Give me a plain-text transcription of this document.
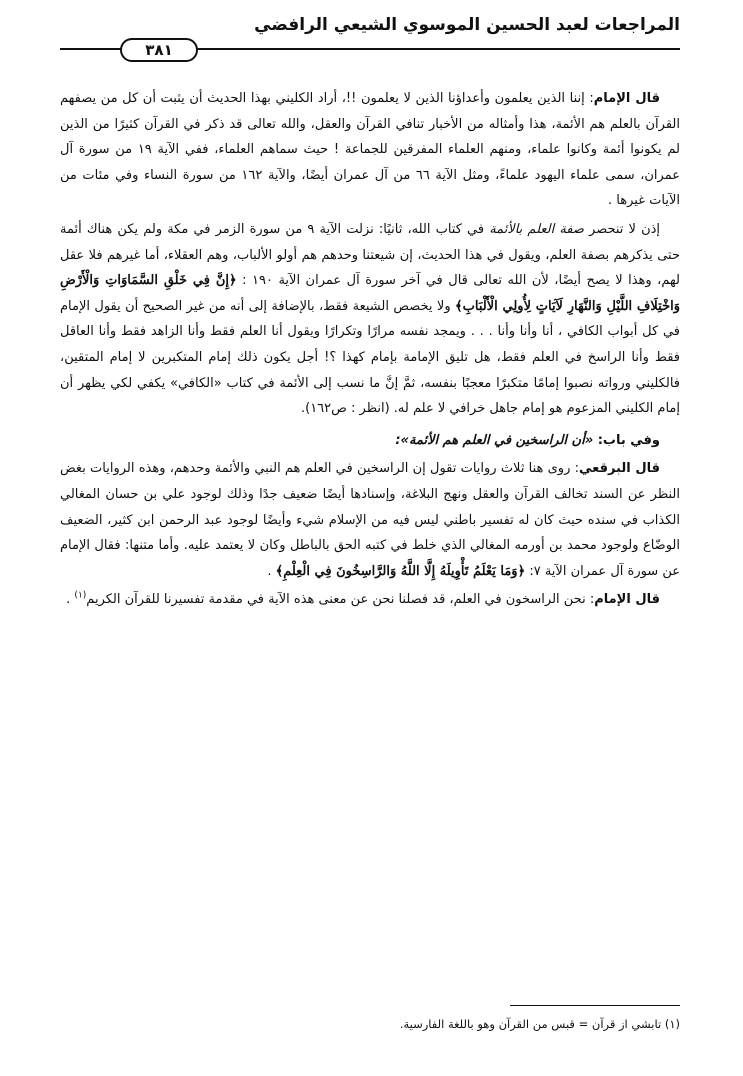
المراجعات لعبد الحسين الموسوي الشيعي الرافضي
٣٨١

قال الإمام: إننا الذين يعلمون وأعداؤنا الذين لا يعلمون !!، أراد الكليني بهذا الحديث أن يثبت أن كل من يصفهم القرآن بالعلم هم الأئمة، هذا وأمثاله من الأخبار تنافي القرآن والعقل، والله تعالى قد ذكر في القرآن كثيرًا من الذين لم يكونوا أئمة وكانوا علماء، ومنهم العلماء المفرقين للجماعة ! حيث سماهم العلماء، ففي الآية ١٩ من سورة آل عمران، سمى علماء اليهود علماءً، ومثل الآية ٦٦ من آل عمران أيضًا، والآية ١٦٢ من سورة النساء وفي مئات من الآيات غيرها .

إذن لا تنحصر صفة العلم بالأئمة في كتاب الله، ثانيًا: نزلت الآية ٩ من سورة الزمر في مكة ولم يكن هناك أئمة حتى يذكرهم بصفة العلم، ويقول في هذا الحديث، إن شيعتنا وحدهم هم أولو الألباب، وهم العقلاء، أما غيرهم فلا عقل لهم، وهذا لا يصح أيضًا، لأن الله تعالى قال في آخر سورة آل عمران الآية ١٩٠ : ﴿إِنَّ فِي خَلْقِ السَّمَاوَاتِ وَالْأَرْضِ وَاخْتِلَافِ اللَّيْلِ وَالنَّهَارِ لَآيَاتٍ لِأُولِي الْأَلْبَابِ﴾ ولا يخصص الشيعة فقط، بالإضافة إلى أنه من غير الصحيح أن يقول الإمام في كل أبواب الكافي ، أنا وأنا وأنا . . . ويمجد نفسه مرارًا وتكرارًا ويقول أنا العلم فقط وأنا الزاهد فقط وأنا العاقل فقط وأنا الراسخ في العلم فقط، هل تليق الإمامة بإمام كهذا ؟! أجل يكون ذلك إمام المتكبرين لا إمام المتقين، فالكليني ورواته نصبوا إمامًا متكبرًا معجبًا بنفسه، ثمَّ إنَّ ما نسب إلى الأئمة في كتاب «الكافي» يكفي لكي يظهر أن إمام الكليني المزعوم هو إمام جاهل خرافي لا علم له. (انظر : ص١٦٢).

وفي باب: «أن الراسخين في العلم هم الأئمة»:

قال البرقعي: روى هنا ثلاث روايات تقول إن الراسخين في العلم هم النبي والأئمة وحدهم، وهذه الروايات بغض النظر عن السند تخالف القرآن والعقل ونهج البلاغة، وإسنادها أيضًا ضعيف جدًا وذلك لوجود علي بن حسان المغالي الكذاب في سنده حيث كان له تفسير باطني ليس فيه من الإسلام شيء وأيضًا لوجود عبد الرحمن ابن كثير، الضعيف الوضّاع ولوجود محمد بن أورمه المغالي الذي خلط في كتبه الحق بالباطل وكان لا يعتمد عليه. وأما متنها: فقال الإمام عن سورة آل عمران الآية ٧: ﴿وَمَا يَعْلَمُ تَأْوِيلَهُ إِلَّا اللَّهُ وَالرَّاسِخُونَ فِي الْعِلْمِ﴾ .

قال الإمام: نحن الراسخون في العلم، قد فصلنا نحن عن معنى هذه الآية في مقدمة تفسيرنا للقرآن الكريم$^{(١)}$ .

(١) تابشي از قرآن = قبس من القرآن وهو باللغة الفارسية.
